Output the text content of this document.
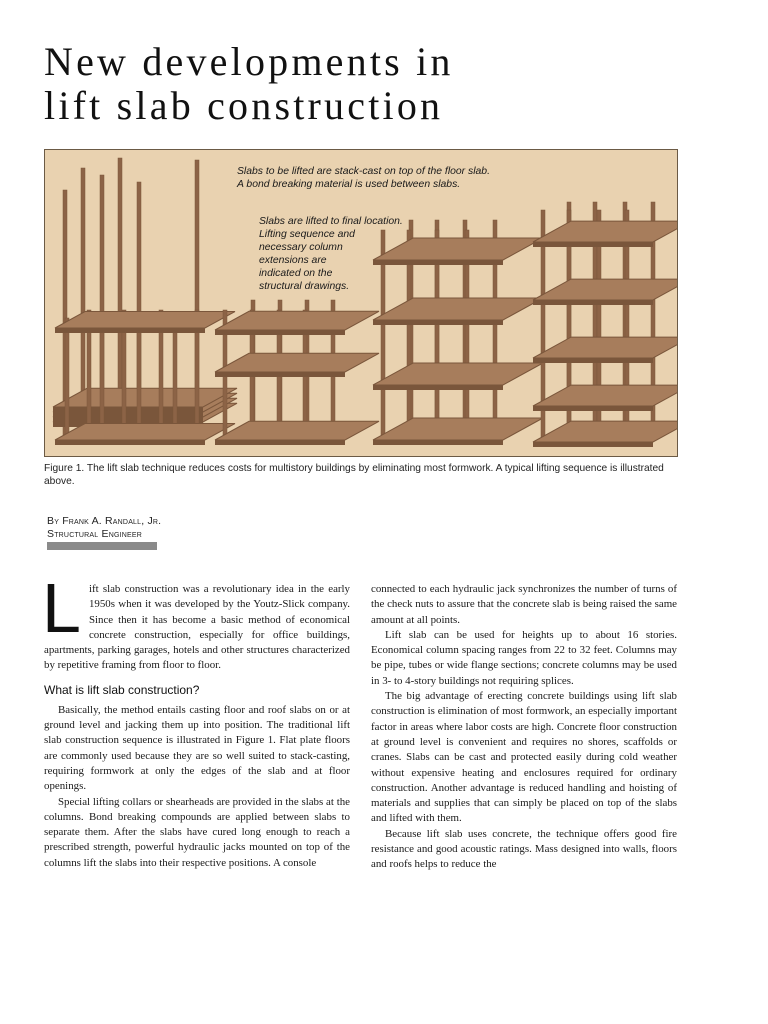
New developments in
lift slab construction
Slabs to be lifted are stack-cast on top of the floor slab.
A bond breaking material is used between slabs.
Slabs are lifted to final location.
Lifting sequence and
necessary column
extensions are
indicated on the
structural drawings.
Figure 1. The lift slab technique reduces costs for multistory buildings by eliminating most formwork. A typical lifting sequence is illustrated above.
By Frank A. Randall, Jr.
Structural Engineer

Lift slab construction was a revolutionary idea in the early 1950s when it was developed by the Youtz-Slick company. Since then it has become a basic method of economical concrete construction, especially for office buildings, apartments, parking garages, hotels and other structures characterized by repetitive framing from floor to floor.

What is lift slab construction?

Basically, the method entails casting floor and roof slabs on or at ground level and jacking them up into position. The traditional lift slab construction sequence is illustrated in Figure 1. Flat plate floors are commonly used because they are so well suited to stack-casting, requiring formwork at only the edges of the slab and at floor openings.

Special lifting collars or shearheads are provided in the slabs at the columns. Bond breaking compounds are applied between slabs to separate them. After the slabs have cured long enough to reach a prescribed strength, powerful hydraulic jacks mounted on top of the columns lift the slabs into their respective positions. A console

connected to each hydraulic jack synchronizes the number of turns of the check nuts to assure that the concrete slab is being raised the same amount at all points.

Lift slab can be used for heights up to about 16 stories. Economical column spacing ranges from 22 to 32 feet. Columns may be pipe, tubes or wide flange sections; concrete columns may be used in 3- to 4-story buildings not requiring splices.

The big advantage of erecting concrete buildings using lift slab construction is elimination of most formwork, an especially important factor in areas where labor costs are high. Concrete floor construction at ground level is convenient and requires no shores, scaffolds or cranes. Slabs can be cast and protected easily during cold weather without expensive heating and enclosures required for ordinary construction. Another advantage is reduced handling and hoisting of materials and supplies that can simply be placed on top of the slabs and lifted with them.

Because lift slab uses concrete, the technique offers good fire resistance and good acoustic ratings. Mass designed into walls, floors and roofs helps to reduce the
